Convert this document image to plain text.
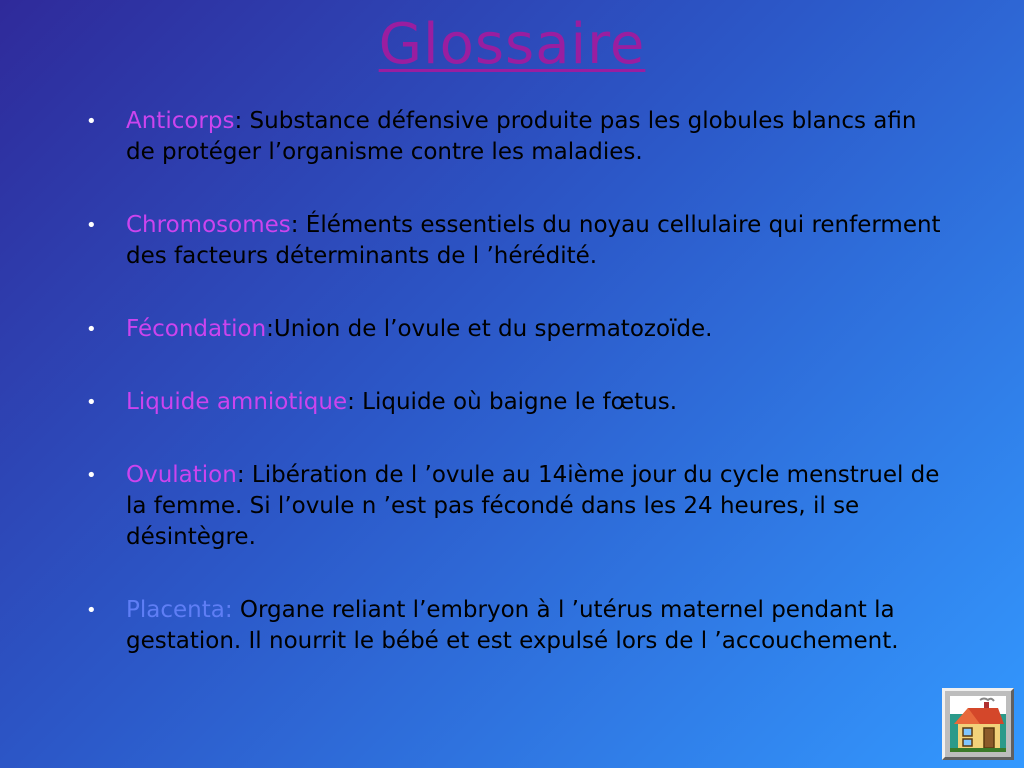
Glossaire
• Anticorps: Substance défensive produite pas les globules blancs afin de protéger l’organisme contre les maladies.
• Chromosomes: Éléments essentiels du noyau cellulaire qui renferment des facteurs déterminants de l ’hérédité.
• Fécondation:Union de l’ovule et du spermatozoïde.
• Liquide amniotique: Liquide où baigne le fœtus.
• Ovulation: Libération de l ’ovule au 14ième jour du cycle menstruel de la femme. Si l’ovule n ’est pas fécondé dans les 24 heures, il se désintègre.
• Placenta: Organe reliant l’embryon à l ’utérus maternel pendant la gestation. Il nourrit le bébé et est expulsé lors de l ’accouchement.
